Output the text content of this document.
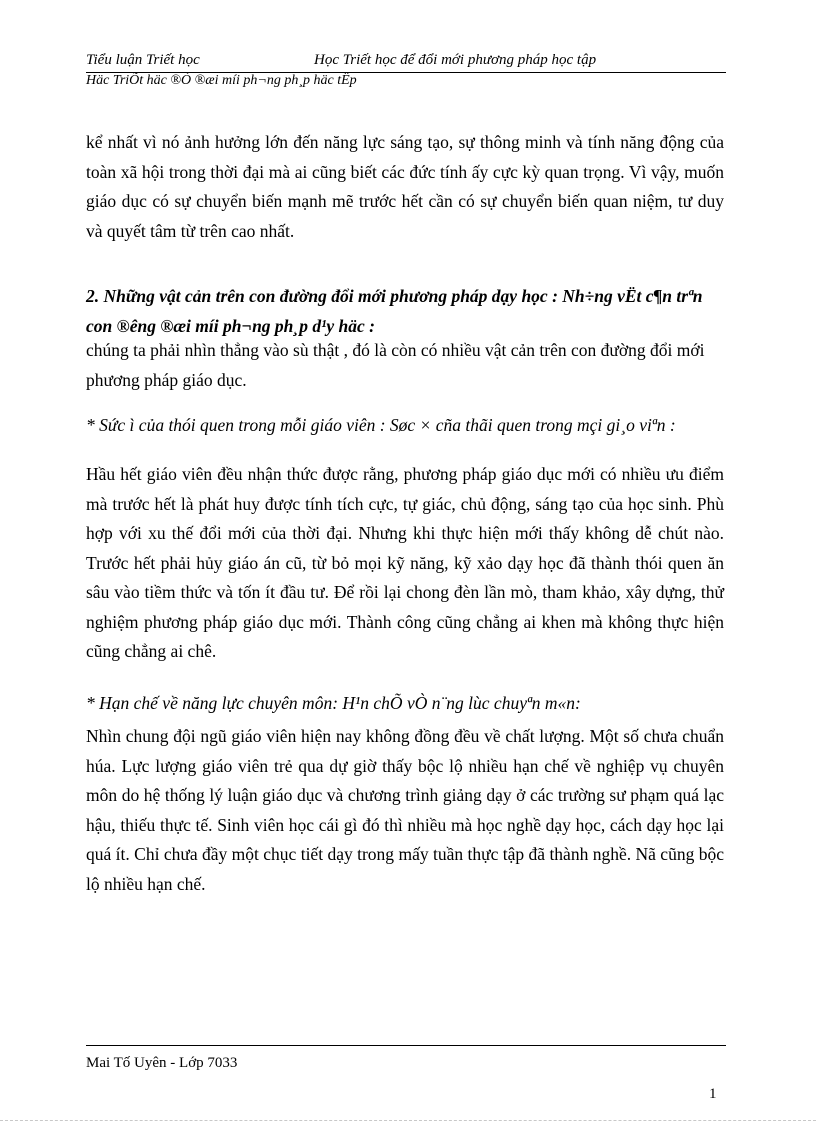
Tiểu luận Triết học	Học Triết học để đổi mới phương pháp học tập
Häc TriÕt häc ®Ó ®æi míi ph¬ng ph¸p häc tËp
kể nhất vì nó ảnh hưởng lớn đến năng lực sáng tạo, sự thông minh và tính năng động của toàn xã hội trong thời đại mà ai cũng biết các đức tính ấy cực kỳ quan trọng. Vì vậy, muốn giáo dục có sự chuyển biến mạnh mẽ trước hết cần có sự chuyển biến quan niệm, tư duy và quyết tâm từ trên cao nhất.
2. Những vật cản trên con đường đổi mới phương pháp dạy học : Nh÷ng vËt c¶n trªn con ®êng ®æi míi ph¬ng ph¸p d¹y häc :
chúng ta phải nhìn thẳng vào sù thật , đó là còn có nhiều vật cản trên con đường đổi mới phương pháp giáo dục.
* Sức ì của thói quen trong mỗi giáo viên : Søc × cña thãi quen trong mçi gi¸o viªn :
Hầu hết giáo viên đều nhận thức được rằng, phương pháp giáo dục mới có nhiều ưu điểm mà trước hết là phát huy được tính tích cực, tự giác, chủ động, sáng tạo của học sinh. Phù hợp với xu thế đổi mới của thời đại. Nhưng khi thực hiện mới thấy không dễ chút nào. Trước hết phải hủy giáo án cũ, từ bỏ mọi kỹ năng, kỹ xảo dạy học đã thành thói quen ăn sâu vào tiềm thức và tốn ít đầu tư. Để rồi lại chong đèn lần mò, tham khảo, xây dựng, thử nghiệm phương pháp giáo dục mới. Thành công cũng chẳng ai khen mà không thực hiện cũng chẳng ai chê.
* Hạn chế về năng lực chuyên môn: H¹n chÕ vÒ n¨ng lùc chuyªn m«n:
Nhìn chung đội ngũ giáo viên hiện nay không đồng đều về chất lượng. Một số chưa chuẩn húa. Lực lượng giáo viên trẻ qua dự giờ thấy bộc lộ nhiều hạn chế về nghiệp vụ chuyên môn do hệ thống lý luận giáo dục và chương trình giảng dạy ở các trường sư phạm quá lạc hậu, thiếu thực tế. Sinh viên học cái gì đó thì nhiều mà học nghề dạy học, cách dạy học lại quá ít. Chỉ chưa đầy một chục tiết dạy trong mấy tuần thực tập đã thành nghề. Nã cũng bộc lộ nhiều hạn chế.
Mai Tố Uyên - Lớp 7033
1
